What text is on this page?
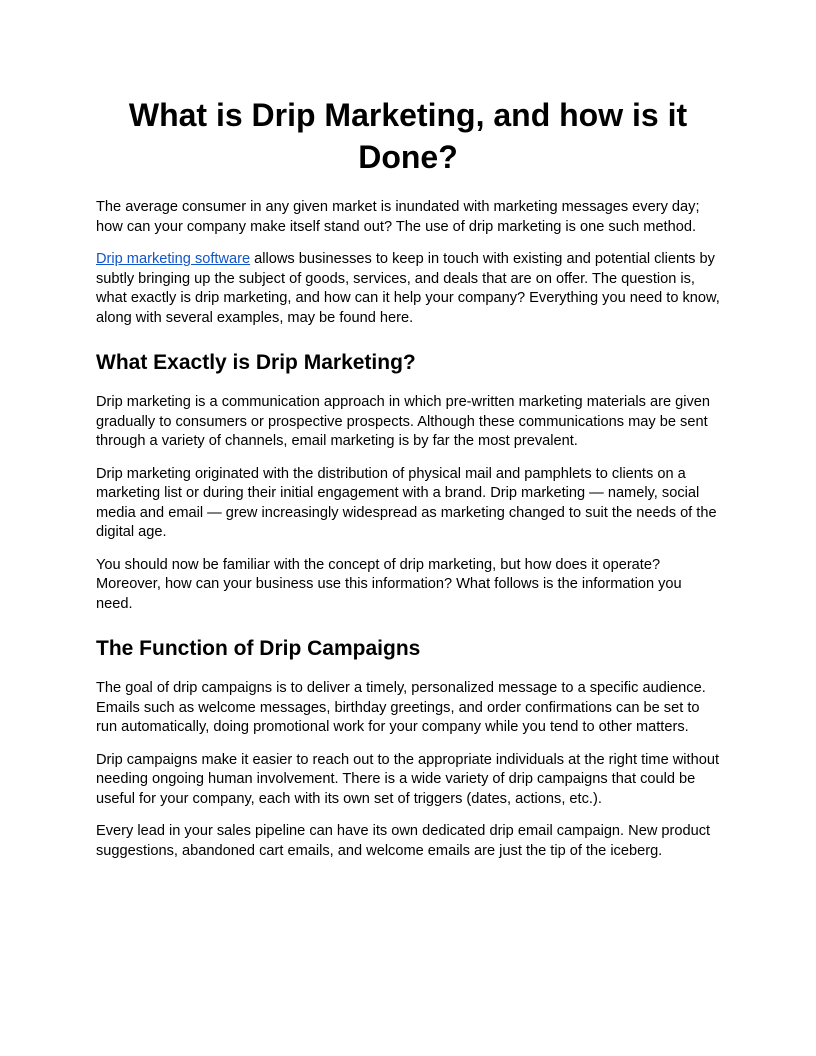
What is Drip Marketing, and how is it Done?

The average consumer in any given market is inundated with marketing messages every day; how can your company make itself stand out? The use of drip marketing is one such method.

Drip marketing software allows businesses to keep in touch with existing and potential clients by subtly bringing up the subject of goods, services, and deals that are on offer. The question is, what exactly is drip marketing, and how can it help your company? Everything you need to know, along with several examples, may be found here.

What Exactly is Drip Marketing?

Drip marketing is a communication approach in which pre-written marketing materials are given gradually to consumers or prospective prospects. Although these communications may be sent through a variety of channels, email marketing is by far the most prevalent.

Drip marketing originated with the distribution of physical mail and pamphlets to clients on a marketing list or during their initial engagement with a brand. Drip marketing — namely, social media and email — grew increasingly widespread as marketing changed to suit the needs of the digital age.

You should now be familiar with the concept of drip marketing, but how does it operate? Moreover, how can your business use this information? What follows is the information you need.

The Function of Drip Campaigns

The goal of drip campaigns is to deliver a timely, personalized message to a specific audience. Emails such as welcome messages, birthday greetings, and order confirmations can be set to run automatically, doing promotional work for your company while you tend to other matters.

Drip campaigns make it easier to reach out to the appropriate individuals at the right time without needing ongoing human involvement. There is a wide variety of drip campaigns that could be useful for your company, each with its own set of triggers (dates, actions, etc.).

Every lead in your sales pipeline can have its own dedicated drip email campaign. New product suggestions, abandoned cart emails, and welcome emails are just the tip of the iceberg.
